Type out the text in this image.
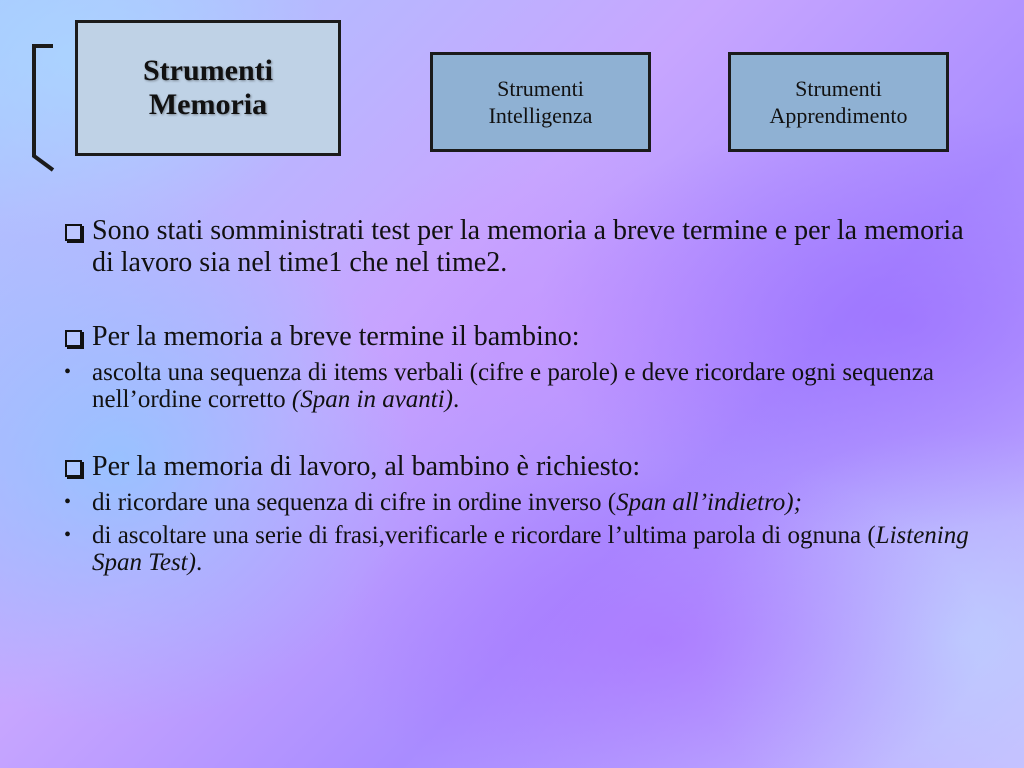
Strumenti
Memoria	Strumenti
Intelligenza
Strumenti
Apprendimento
Sono stati somministrati test per la memoria a breve termine e per la memoria di lavoro sia nel time1 che nel time2.
Per la memoria a breve termine il bambino:
• ascolta una sequenza di items verbali (cifre e parole) e deve ricordare ogni sequenza nell’ordine corretto (Span in avanti).
Per la memoria di lavoro, al bambino è richiesto:
• di ricordare una sequenza di cifre in ordine inverso (Span all’indietro);
• di ascoltare una serie di frasi,verificarle e ricordare l’ultima parola di ognuna (Listening Span Test).
